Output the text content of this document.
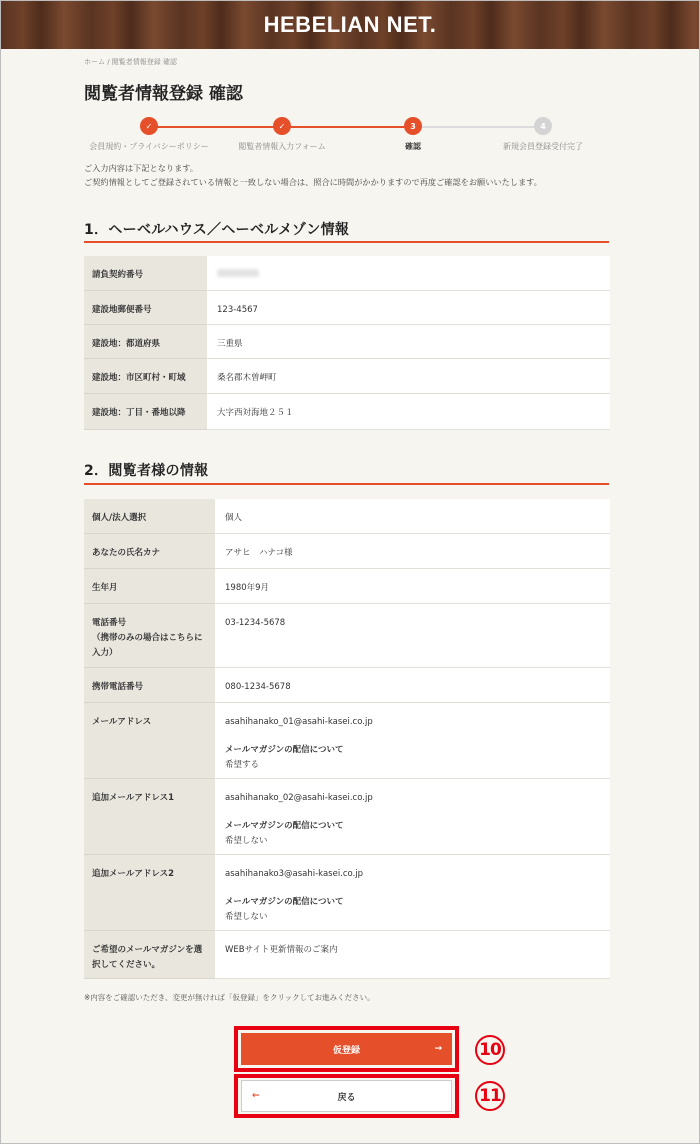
HEBELIAN NET.
ホーム / 閲覧者情報登録 確認
閲覧者情報登録 確認
✓	✓	3	4
会員規約・プライバシーポリシー	閲覧者情報入力フォーム	確認	新規会員登録受付完了
ご入力内容は下記となります。
ご契約情報としてご登録されている情報と一致しない場合は、照合に時間がかかりますので再度ご確認をお願いいたします。
1．ヘーベルハウス／ヘーベルメゾン情報
請負契約番号	
建設地郵便番号	123-4567
建設地：都道府県	三重県
建設地：市区町村・町域	桑名郡木曽岬町
建設地：丁目・番地以降	大字西対海地２５１
2．閲覧者様の情報
個人/法人選択	個人
あなたの氏名カナ	アサヒ　ハナコ様
生年月	1980年9月

電話番号
（携帯のみの場合はこちらに入力）	03-1234-5678
携帯電話番号	080-1234-5678
メールアドレス	asahihanako_01@asahi-kasei.co.jp
メールマガジンの配信について
希望する
追加メールアドレス1	asahihanako_02@asahi-kasei.co.jp
メールマガジンの配信について
希望しない
追加メールアドレス2	asahihanako3@asahi-kasei.co.jp
メールマガジンの配信について
希望しない
ご希望のメールマガジンを選択してください。	WEBサイト更新情報のご案内
※内容をご確認いただき、変更が無ければ「仮登録」をクリックしてお進みください。
仮登録	→
←	戻る
10
11
